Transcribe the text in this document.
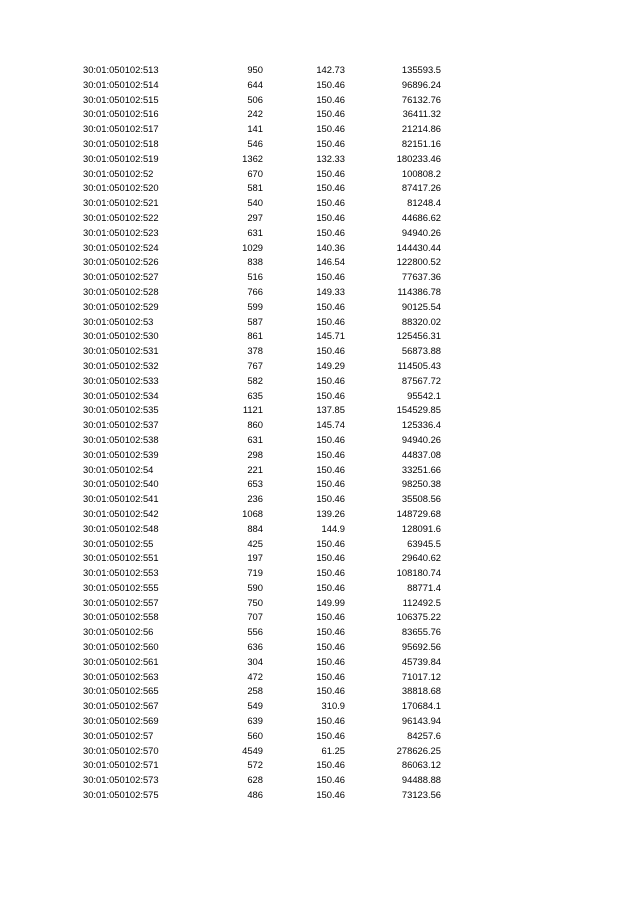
30:01:050102:513	950	142.73	135593.5
30:01:050102:514	644	150.46	96896.24
30:01:050102:515	506	150.46	76132.76
30:01:050102:516	242	150.46	36411.32
30:01:050102:517	141	150.46	21214.86
30:01:050102:518	546	150.46	82151.16
30:01:050102:519	1362	132.33	180233.46
30:01:050102:52	670	150.46	100808.2
30:01:050102:520	581	150.46	87417.26
30:01:050102:521	540	150.46	81248.4
30:01:050102:522	297	150.46	44686.62
30:01:050102:523	631	150.46	94940.26
30:01:050102:524	1029	140.36	144430.44
30:01:050102:526	838	146.54	122800.52
30:01:050102:527	516	150.46	77637.36
30:01:050102:528	766	149.33	114386.78
30:01:050102:529	599	150.46	90125.54
30:01:050102:53	587	150.46	88320.02
30:01:050102:530	861	145.71	125456.31
30:01:050102:531	378	150.46	56873.88
30:01:050102:532	767	149.29	114505.43
30:01:050102:533	582	150.46	87567.72
30:01:050102:534	635	150.46	95542.1
30:01:050102:535	1121	137.85	154529.85
30:01:050102:537	860	145.74	125336.4
30:01:050102:538	631	150.46	94940.26
30:01:050102:539	298	150.46	44837.08
30:01:050102:54	221	150.46	33251.66
30:01:050102:540	653	150.46	98250.38
30:01:050102:541	236	150.46	35508.56
30:01:050102:542	1068	139.26	148729.68
30:01:050102:548	884	144.9	128091.6
30:01:050102:55	425	150.46	63945.5
30:01:050102:551	197	150.46	29640.62
30:01:050102:553	719	150.46	108180.74
30:01:050102:555	590	150.46	88771.4
30:01:050102:557	750	149.99	112492.5
30:01:050102:558	707	150.46	106375.22
30:01:050102:56	556	150.46	83655.76
30:01:050102:560	636	150.46	95692.56
30:01:050102:561	304	150.46	45739.84
30:01:050102:563	472	150.46	71017.12
30:01:050102:565	258	150.46	38818.68
30:01:050102:567	549	310.9	170684.1
30:01:050102:569	639	150.46	96143.94
30:01:050102:57	560	150.46	84257.6
30:01:050102:570	4549	61.25	278626.25
30:01:050102:571	572	150.46	86063.12
30:01:050102:573	628	150.46	94488.88
30:01:050102:575	486	150.46	73123.56
